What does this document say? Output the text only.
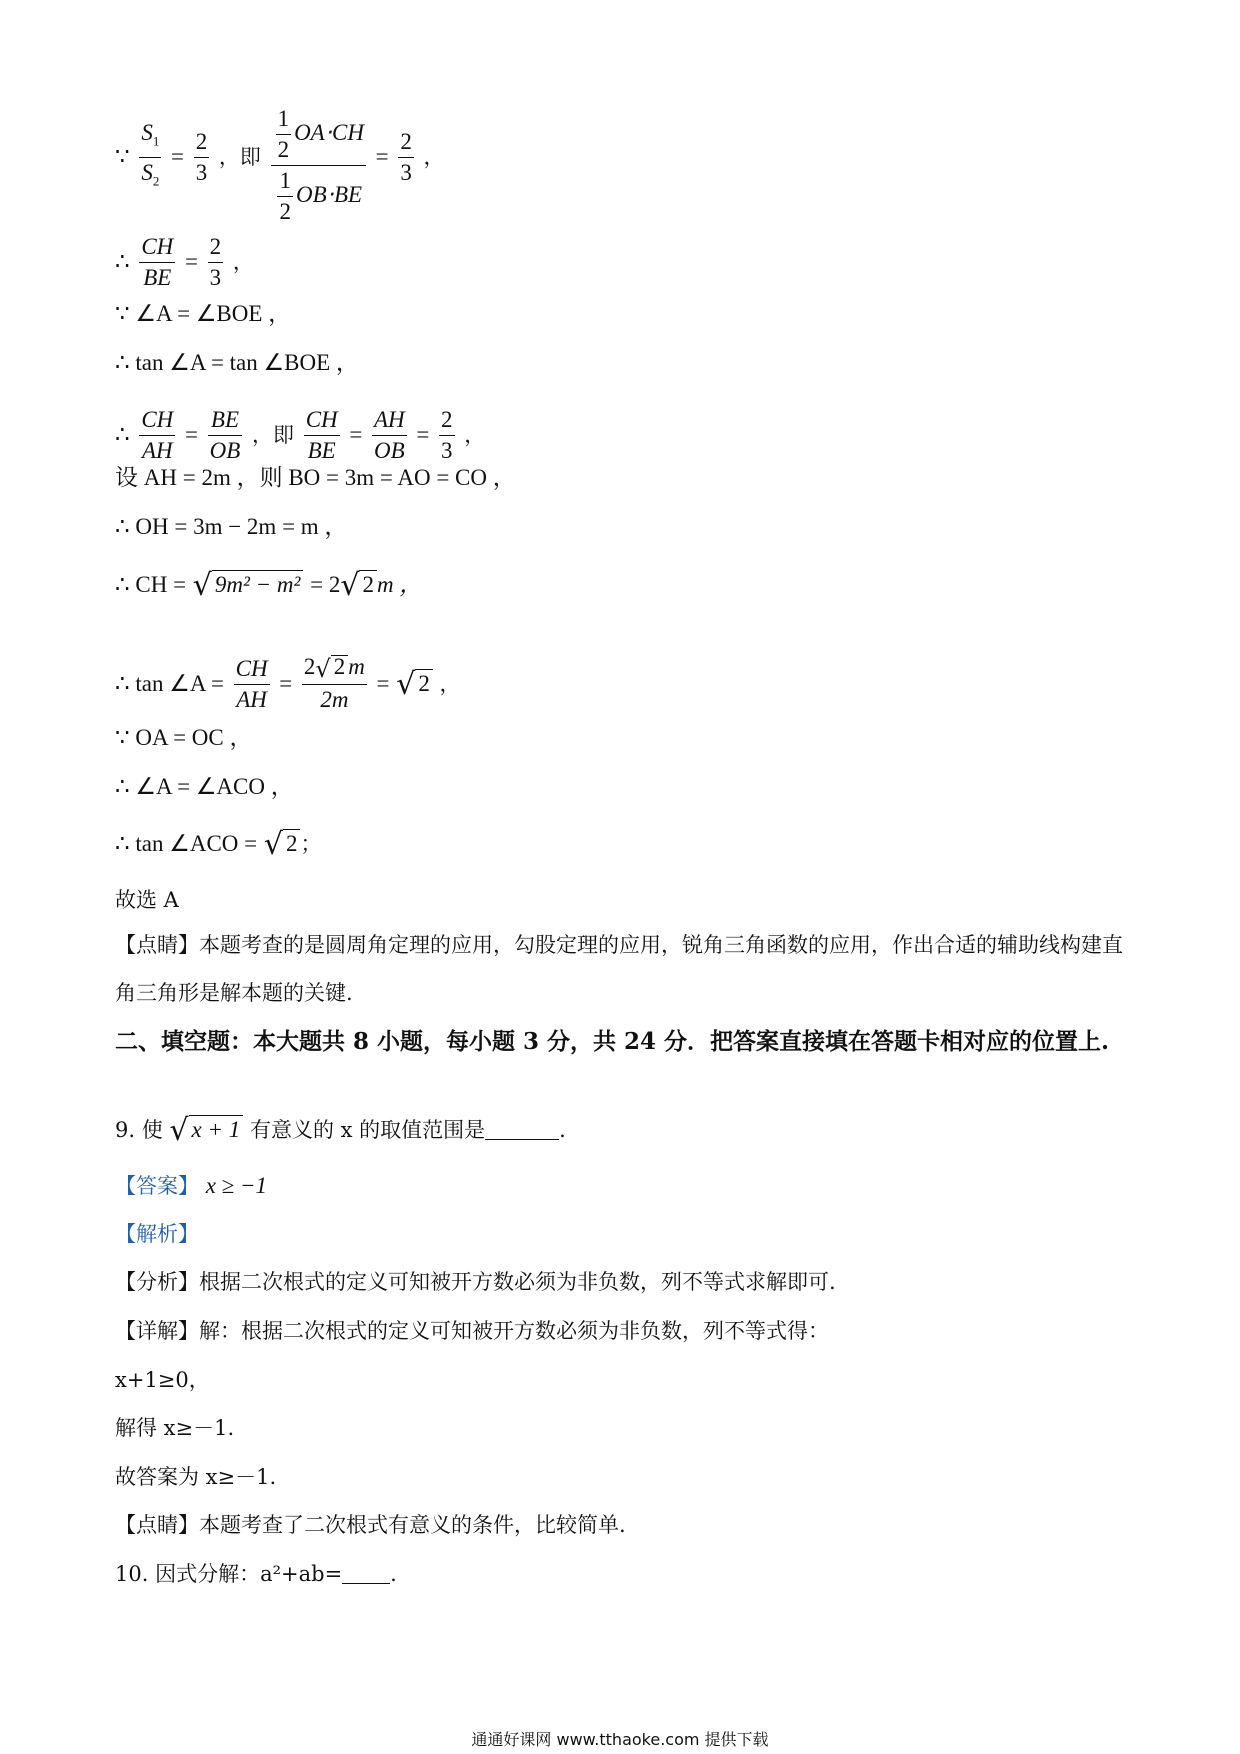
∵ $\frac{S_1}{S_2} = \frac{2}{3}$ ，即 $\frac{\frac{1}{2} OA\cdot CH}{\frac{1}{2} OB\cdot BE} = \frac{2}{3}$ ，
∴ $\frac{CH}{BE} = \frac{2}{3}$ ，
∵ ∠A = ∠BOE ，
∴ tan ∠A = tan ∠BOE ，
∴ $\frac{CH}{AH} = \frac{BE}{OB}$ ，即 $\frac{CH}{BE} = \frac{AH}{OB} = \frac{2}{3}$ ，
设 AH = 2m ，则 BO = 3m = AO = CO ，
∴ OH = 3m − 2m = m ，
∴ CH = √ 9m² − m² = 2√ 2 m ，
∴ tan ∠A = $\frac{CH}{AH} = \frac{2√ 2 m}{2m}$ = √ 2 ，
∵ OA = OC ，
∴ ∠A = ∠ACO ，
∴ tan ∠ACO = √ 2 ；
故选 A
【点睛】本题考查的是圆周角定理的应用，勾股定理的应用，锐角三角函数的应用，作出合适的辅助线构建直角三角形是解本题的关键.
二、填空题：本大题共 8 小题，每小题 3 分，共 24 分．把答案直接填在答题卡相对应的位置上.
9. 使 √ x + 1 有意义的 x 的取值范围是	.
【答案】 x ≥ −1
【解析】
【分析】根据二次根式的定义可知被开方数必须为非负数，列不等式求解即可.
【详解】解：根据二次根式的定义可知被开方数必须为非负数，列不等式得：
x+1≥0，
解得 x≥－1.
故答案为 x≥－1.
【点睛】本题考查了二次根式有意义的条件，比较简单.
10. 因式分解：a²+ab= .
通通好课网 www.tthaoke.com 提供下载
